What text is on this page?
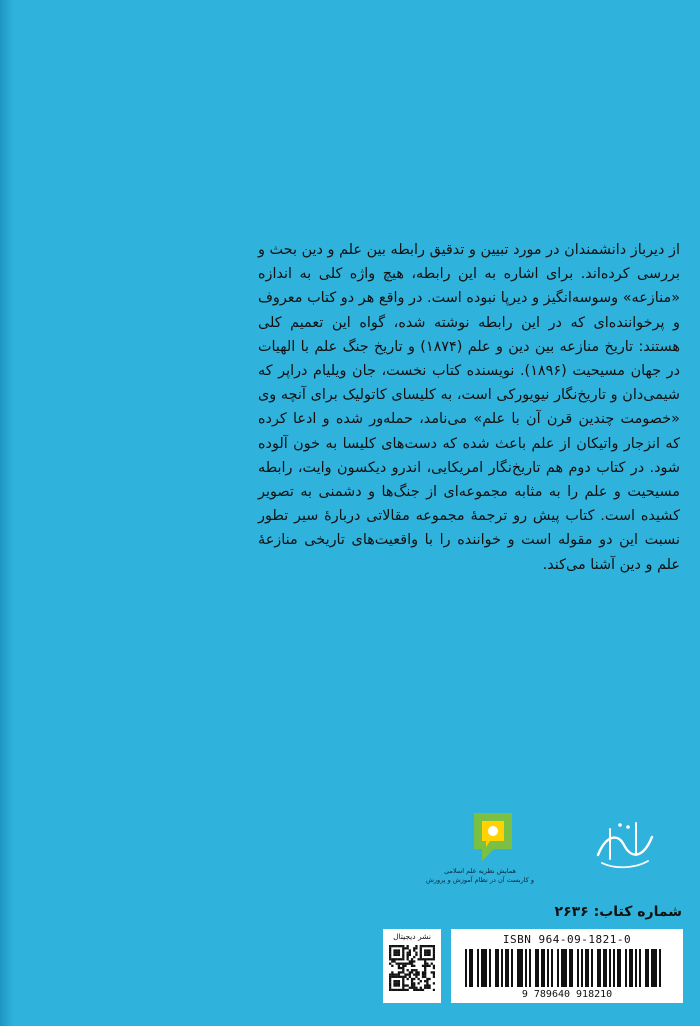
از دیرباز دانشمندان در مورد تبیین و تدقیق رابطه بین علم و دین بحث و بررسی کرده‌اند. برای اشاره به این رابطه، هیچ واژه کلی به اندازه «منازعه» وسوسه‌انگیز و دیرپا نبوده است. در واقع هر دو کتاب معروف و پرخواننده‌ای که در این رابطه نوشته شده، گواه این تعمیم کلی هستند: تاریخ منازعه بین دین و علم (۱۸۷۴) و تاریخ جنگ علم با الهیات در جهان مسیحیت (۱۸۹۶). نویسنده کتاب نخست، جان ویلیام دراپر که شیمی‌دان و تاریخ‌نگار نیویورکی است، به کلیسای کاتولیک برای آنچه وی «خصومت چندین قرن آن با علم» می‌نامد، حمله‌ور شده و ادعا کرده که انزجار واتیکان از علم باعث شده که دست‌های کلیسا به خون آلوده شود. در کتاب دوم هم تاریخ‌نگار امریکایی، اندرو دیکسون وایت، رابطه مسیحیت و علم را به مثابه مجموعه‌ای از جنگ‌ها و دشمنی به تصویر کشیده است. کتاب پیش رو ترجمهٔ مجموعه مقالاتی دربارهٔ سیر تطور نسبت این دو مقوله است و خواننده را با واقعیت‌های تاریخی منازعهٔ علم و دین آشنا می‌کند.

همایش نظریه علم اسلامی
و کاربست آن در نظام آموزش و پرورش
شماره کتاب: ۲۶۳۶
ISBN 964-09-1821-0
9 789640 918210
نشر دیجیتال
